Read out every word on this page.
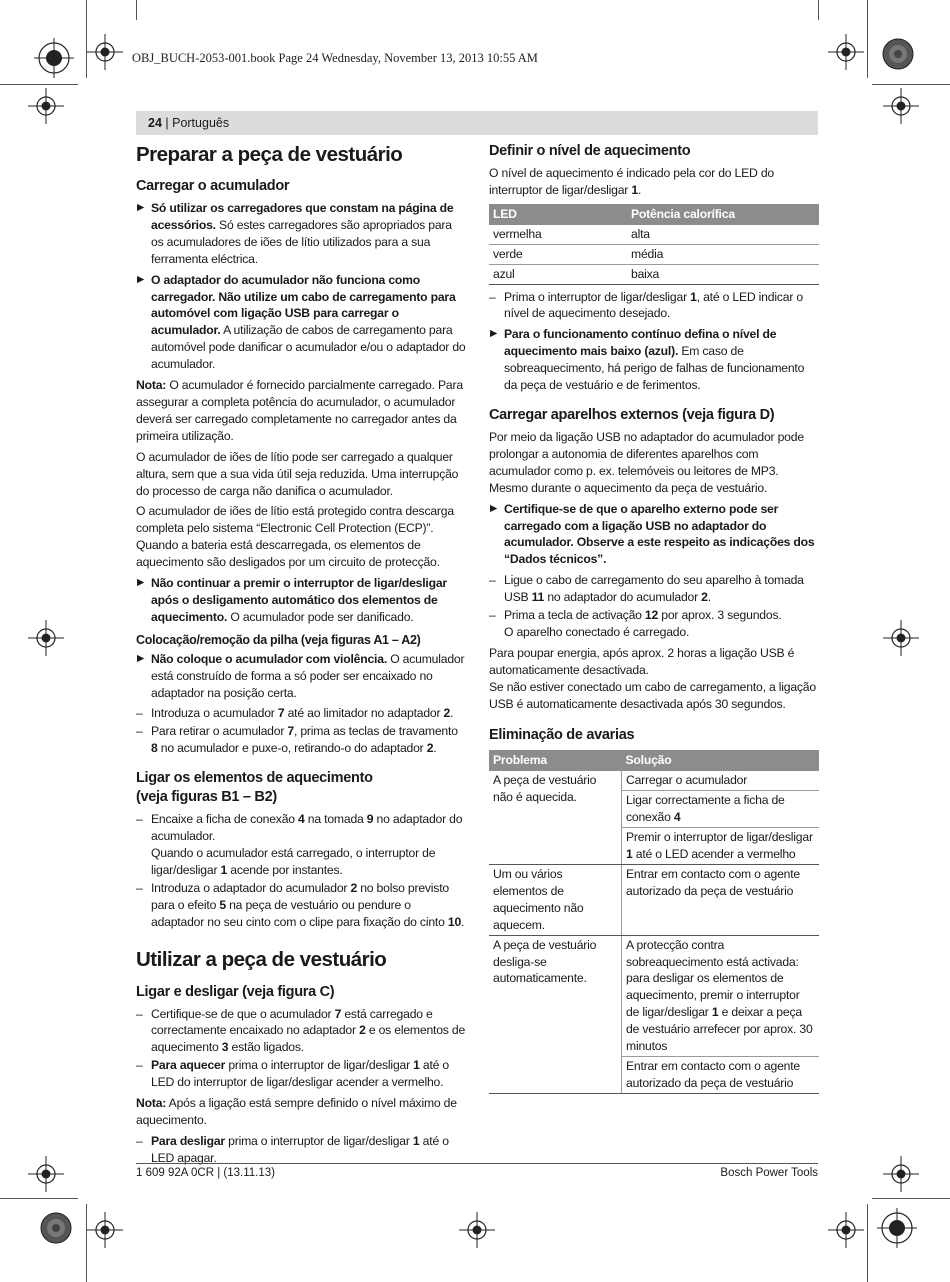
OBJ_BUCH-2053-001.book Page 24 Wednesday, November 13, 2013 10:55 AM
24 | Português
Preparar a peça de vestuário
Carregar o acumulador
▶ Só utilizar os carregadores que constam na página de acessórios. Só estes carregadores são apropriados para os acumuladores de iões de lítio utilizados para a sua ferramenta eléctrica.
▶ O adaptador do acumulador não funciona como carregador. Não utilize um cabo de carregamento para automóvel com ligação USB para carregar o acumulador. A utilização de cabos de carregamento para automóvel pode danificar o acumulador e/ou o adaptador do acumulador.

Nota: O acumulador é fornecido parcialmente carregado. Para assegurar a completa potência do acumulador, o acumulador deverá ser carregado completamente no carregador antes da primeira utilização.

O acumulador de iões de lítio pode ser carregado a qualquer altura, sem que a sua vida útil seja reduzida. Uma interrupção do processo de carga não danifica o acumulador.

O acumulador de iões de lítio está protegido contra descarga completa pelo sistema “Electronic Cell Protection (ECP)”. Quando a bateria está descarregada, os elementos de aquecimento são desligados por um circuito de protecção.

▶ Não continuar a premir o interruptor de ligar/desligar após o desligamento automático dos elementos de aquecimento. O acumulador pode ser danificado.
Colocação/remoção da pilha (veja figuras A1 – A2)
▶ Não coloque o acumulador com violência. O acumulador está construído de forma a só poder ser encaixado no adaptador na posição certa.
– Introduza o acumulador 7 até ao limitador no adaptador 2.
– Para retirar o acumulador 7, prima as teclas de travamento 8 no acumulador e puxe-o, retirando-o do adaptador 2.
Ligar os elementos de aquecimento
(veja figuras B1 – B2)
– Encaixe a ficha de conexão 4 na tomada 9 no adaptador do acumulador.
Quando o acumulador está carregado, o interruptor de ligar/desligar 1 acende por instantes.
– Introduza o adaptador do acumulador 2 no bolso previsto para o efeito 5 na peça de vestuário ou pendure o adaptador no seu cinto com o clipe para fixação do cinto 10.
Utilizar a peça de vestuário
Ligar e desligar (veja figura C)
– Certifique-se de que o acumulador 7 está carregado e correctamente encaixado no adaptador 2 e os elementos de aquecimento 3 estão ligados.
– Para aquecer prima o interruptor de ligar/desligar 1 até o LED do interruptor de ligar/desligar acender a vermelho.

Nota: Após a ligação está sempre definido o nível máximo de aquecimento.

– Para desligar prima o interruptor de ligar/desligar 1 até o LED apagar.
Definir o nível de aquecimento

O nível de aquecimento é indicado pela cor do LED do interruptor de ligar/desligar 1.

LED	Potência calorífica
vermelha	alta
verde	média
azul	baixa
– Prima o interruptor de ligar/desligar 1, até o LED indicar o nível de aquecimento desejado.
▶ Para o funcionamento contínuo defina o nível de aquecimento mais baixo (azul). Em caso de sobreaquecimento, há perigo de falhas de funcionamento da peça de vestuário e de ferimentos.
Carregar aparelhos externos (veja figura D)

Por meio da ligação USB no adaptador do acumulador pode prolongar a autonomia de diferentes aparelhos com acumulador como p. ex. telemóveis ou leitores de MP3.

Mesmo durante o aquecimento da peça de vestuário.

▶ Certifique-se de que o aparelho externo pode ser carregado com a ligação USB no adaptador do acumulador. Observe a este respeito as indicações dos “Dados técnicos”.
– Ligue o cabo de carregamento do seu aparelho à tomada USB 11 no adaptador do acumulador 2.
– Prima a tecla de activação 12 por aprox. 3 segundos.
O aparelho conectado é carregado.

Para poupar energia, após aprox. 2 horas a ligação USB é automaticamente desactivada.

Se não estiver conectado um cabo de carregamento, a ligação USB é automaticamente desactivada após 30 segundos.

Eliminação de avarias
Problema	Solução
A peça de vestuário não é aquecida.	Carregar o acumulador
	Ligar correctamente a ficha de conexão 4
	Premir o interruptor de ligar/desligar 1 até o LED acender a vermelho
Um ou vários elementos de aquecimento não aquecem.	Entrar em contacto com o agente autorizado da peça de vestuário
A peça de vestuário desliga-se automaticamente.	A protecção contra sobreaquecimento está activada: para desligar os elementos de aquecimento, premir o interruptor de ligar/desligar 1 e deixar a peça de vestuário arrefecer por aprox. 30 minutos
	Entrar em contacto com o agente autorizado da peça de vestuário
1 609 92A 0CR | (13.11.13)	Bosch Power Tools
